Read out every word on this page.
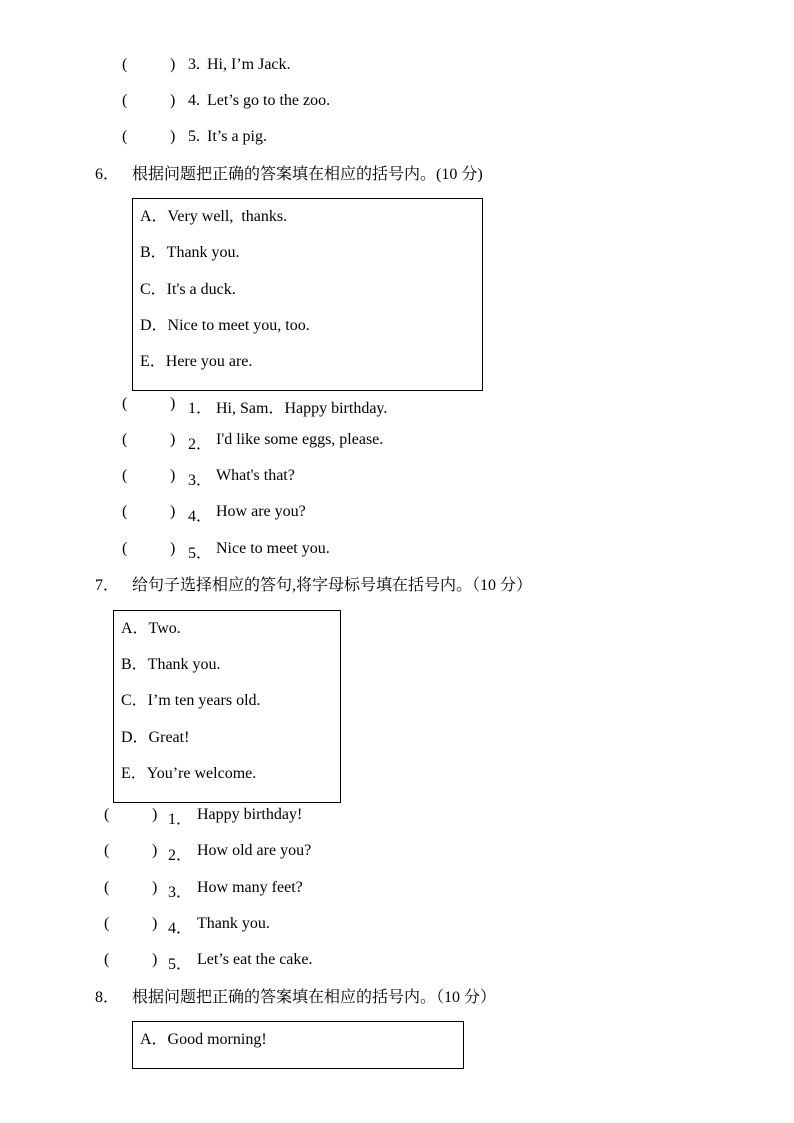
(	) 3. Hi, I’m Jack.
(	) 4. Let’s go to the zoo.
(	) 5. It’s a pig.
6． 根据问题把正确的答案填在相应的括号内。(10 分)
A．Very well,  thanks.
B．Thank you.
C．It's a duck.
D．Nice to meet you, too.
E．Here you are.
(	) 1． Hi, Sam．Happy birthday.
(	) 2． I'd like some eggs, please.
(	) 3． What's that?
(	) 4． How are you?
(	) 5． Nice to meet you.
7． 给句子选择相应的答句,将字母标号填在括号内。（10 分）
A．Two.
B．Thank you.
C．I’m ten years old.
D．Great!
E．You’re welcome.
(	) 1． Happy birthday!
(	) 2． How old are you?
(	) 3． How many feet?
(	) 4． Thank you.
(	) 5． Let’s eat the cake.
8． 根据问题把正确的答案填在相应的括号内。（10 分）
A．Good morning!
